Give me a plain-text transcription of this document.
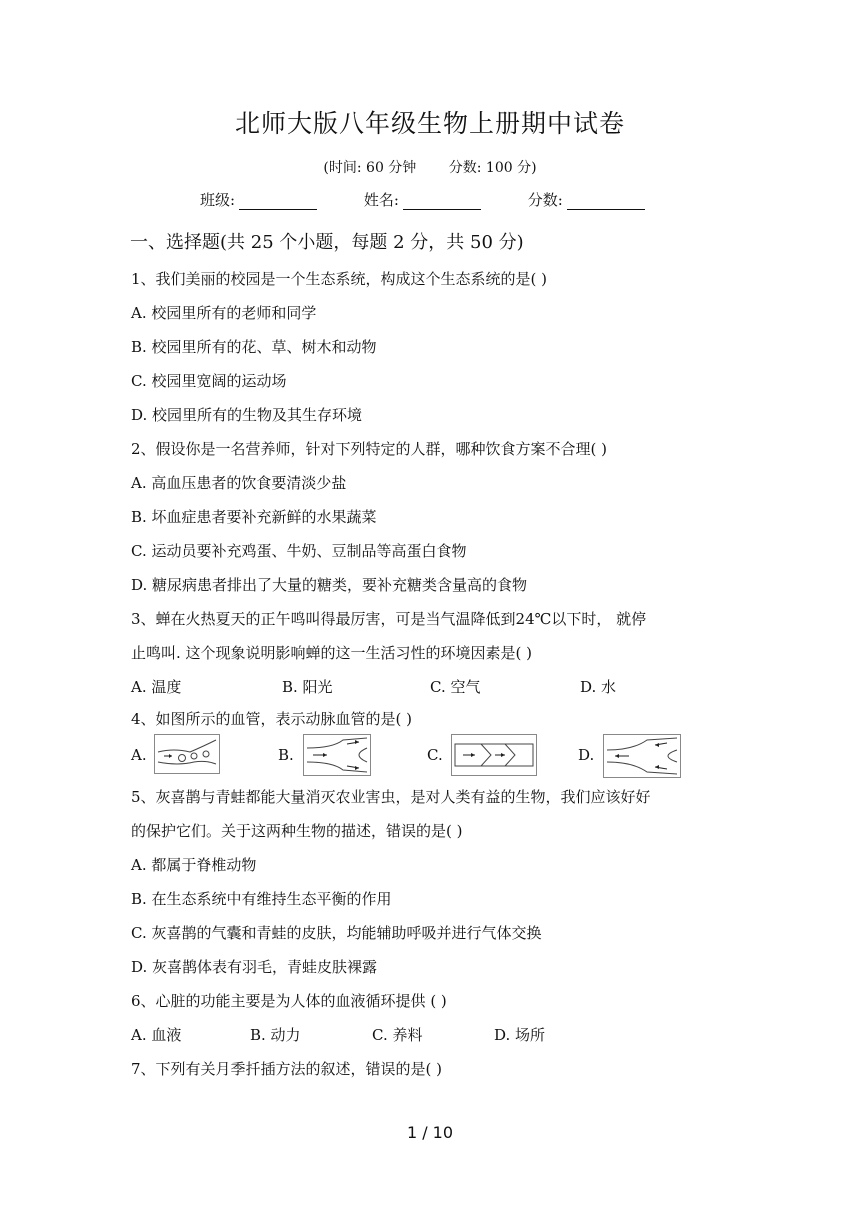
北师大版八年级生物上册期中试卷
(时间: 60 分钟 分数: 100 分)
班级:	姓名:	分数:
一、选择题(共 25 个小题，每题 2 分，共 50 分)
1、我们美丽的校园是一个生态系统，构成这个生态系统的是( )
A. 校园里所有的老师和同学
B. 校园里所有的花、草、树木和动物
C. 校园里宽阔的运动场
D. 校园里所有的生物及其生存环境
2、假设你是一名营养师，针对下列特定的人群，哪种饮食方案不合理( )
A. 高血压患者的饮食要清淡少盐
B. 坏血症患者要补充新鲜的水果蔬菜
C. 运动员要补充鸡蛋、牛奶、豆制品等高蛋白食物
D. 糖尿病患者排出了大量的糖类，要补充糖类含量高的食物
3、蝉在火热夏天的正午鸣叫得最厉害，可是当气温降低到24℃以下时， 就停
止鸣叫. 这个现象说明影响蝉的这一生活习性的环境因素是( )
A. 温度	B. 阳光	C. 空气	D. 水
4、如图所示的血管，表示动脉血管的是( )
A.	B.	C.	D.
5、灰喜鹊与青蛙都能大量消灭农业害虫，是对人类有益的生物，我们应该好好
的保护它们。关于这两种生物的描述，错误的是( )
A. 都属于脊椎动物
B. 在生态系统中有维持生态平衡的作用
C. 灰喜鹊的气囊和青蛙的皮肤，均能辅助呼吸并进行气体交换
D. 灰喜鹊体表有羽毛，青蛙皮肤裸露
6、心脏的功能主要是为人体的血液循环提供 ( )
A. 血液	B. 动力	C. 养料	D. 场所
7、下列有关月季扦插方法的叙述，错误的是( )
1 / 10
